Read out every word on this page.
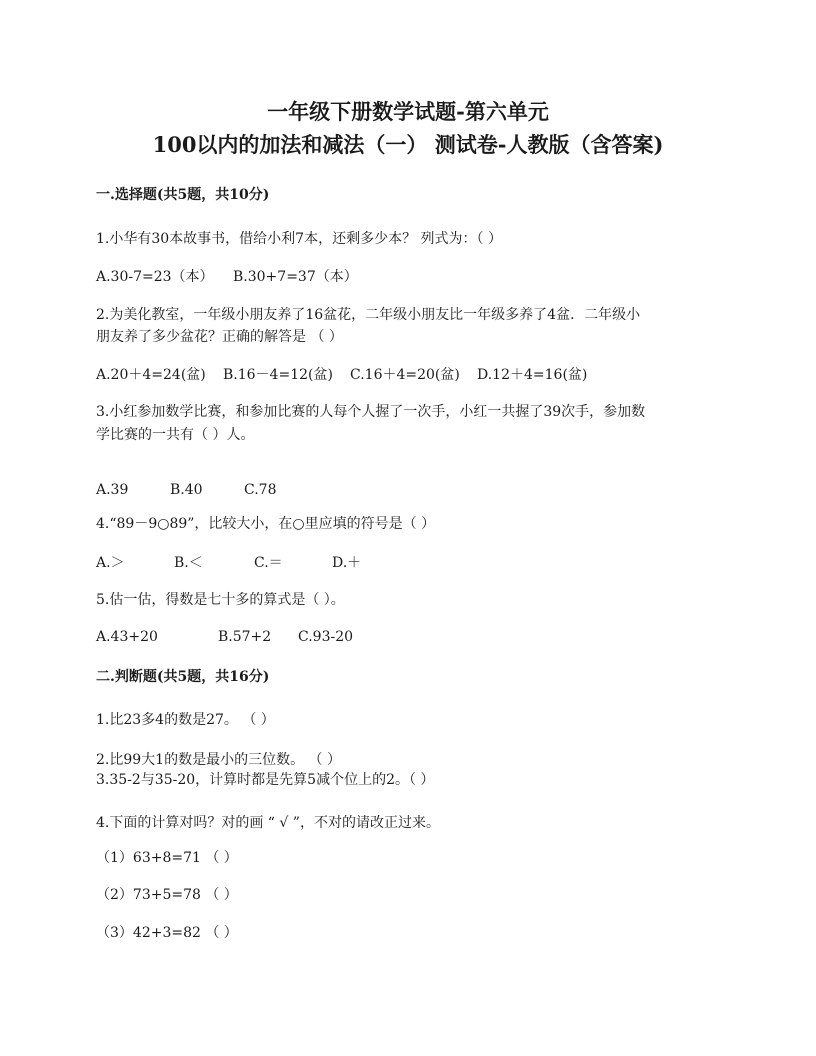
一年级下册数学试题-第六单元
100以内的加法和减法（一） 测试卷-人教版（含答案)

一.选择题(共5题，共10分)

1.小华有30本故事书，借给小利7本，还剩多少本？ 列式为：（ ）

A.30-7=23（本）	B.30+7=37（本）

2.为美化教室，一年级小朋友养了16盆花，二年级小朋友比一年级多养了4盆．二年级小

朋友养了多少盆花？正确的解答是 （ ）

A.20＋4=24(盆)	B.16－4=12(盆)	C.16＋4=20(盆)	D.12＋4=16(盆)

3.小红参加数学比赛，和参加比赛的人每个人握了一次手，小红一共握了39次手，参加数

学比赛的一共有（ ）人。

A.39	B.40	C.78

4.“89－9○89”，比较大小，在○里应填的符号是（ ）

A.＞	B.＜	C.＝	D.＋

5.估一估，得数是七十多的算式是（ ）。

A.43+20	B.57+2	C.93-20

二.判断题(共5题，共16分)

1.比23多4的数是27。 （ ）

2.比99大1的数是最小的三位数。 （ ）

3.35-2与35-20，计算时都是先算5减个位上的2。（ ）

4.下面的计算对吗？对的画 “ √ ”，不对的请改正过来。

（1）63+8=71 （ ）

（2）73+5=78 （ ）

（3）42+3=82 （ ）
